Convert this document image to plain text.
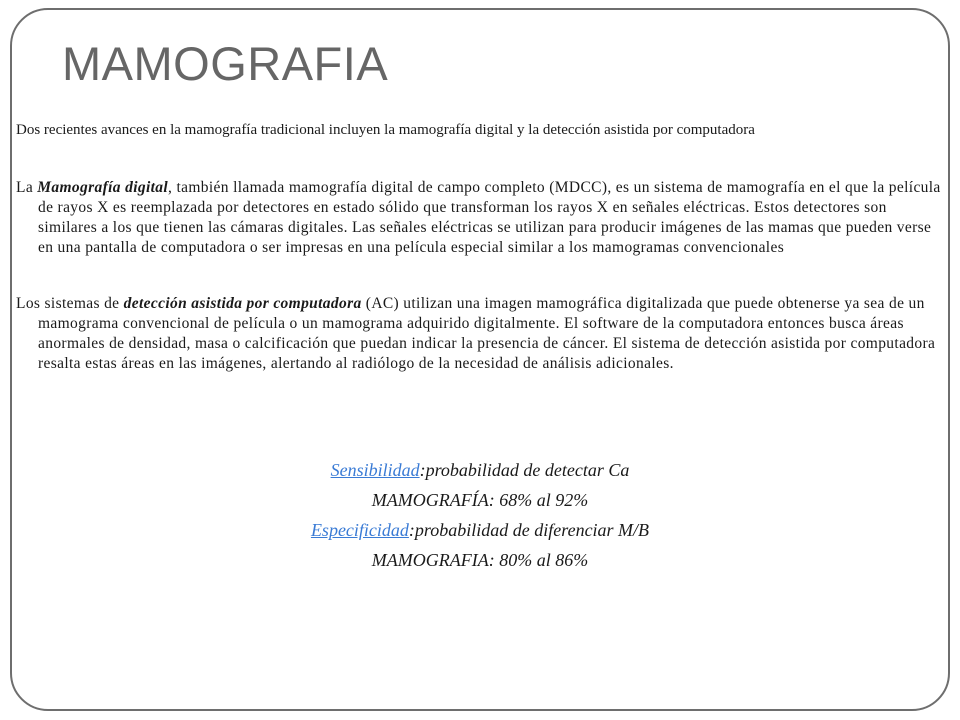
MAMOGRAFIA

Dos recientes avances en la mamografía tradicional incluyen la mamografía digital y la detección asistida por computadora

La Mamografía digital, también llamada mamografía digital de campo completo (MDCC), es un sistema de mamografía en el que la película de rayos X es reemplazada por detectores en estado sólido que transforman los rayos X en señales eléctricas. Estos detectores son similares a los que tienen las cámaras digitales. Las señales eléctricas se utilizan para producir imágenes de las mamas que pueden verse en una pantalla de computadora o ser impresas en una película especial similar a los mamogramas convencionales

Los sistemas de detección asistida por computadora (AC) utilizan una imagen mamográfica digitalizada que puede obtenerse ya sea de un mamograma convencional de película o un mamograma adquirido digitalmente. El software de la computadora entonces busca áreas anormales de densidad, masa o calcificación que puedan indicar la presencia de cáncer. El sistema de detección asistida por computadora resalta estas áreas en las imágenes, alertando al radiólogo de la necesidad de análisis adicionales.

Sensibilidad:probabilidad de detectar Ca

MAMOGRAFÍA: 68% al 92%

Especificidad:probabilidad de diferenciar M/B

MAMOGRAFIA: 80% al 86%
